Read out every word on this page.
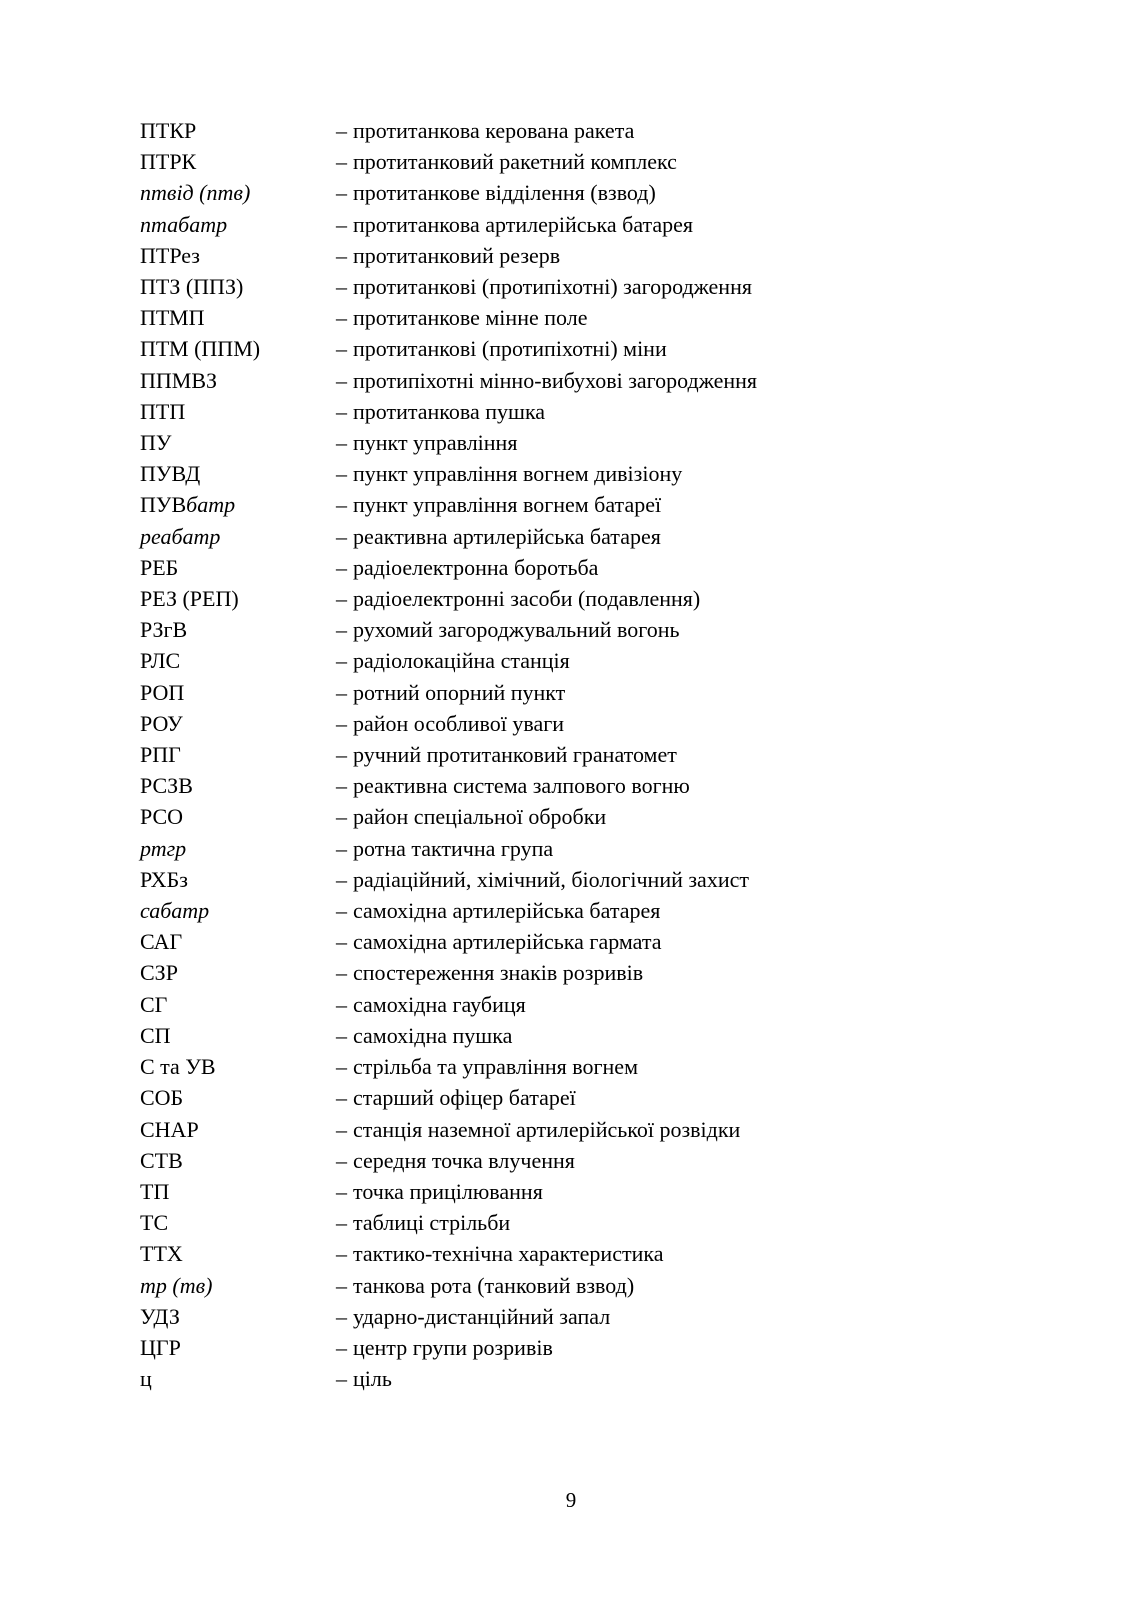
ПТКР	– протитанкова керована ракета
ПТРК	– протитанковий ракетний комплекс
птвід (птв)	– протитанкове відділення (взвод)
птабатр	– протитанкова артилерійська батарея
ПТРез	– протитанковий резерв
ПТЗ (ППЗ)	– протитанкові (протипіхотні) загородження
ПТМП	– протитанкове мінне поле
ПТМ (ППМ)	– протитанкові (протипіхотні) міни
ППМВЗ	– протипіхотні мінно-вибухові загородження
ПТП	– протитанкова пушка
ПУ	– пункт управління
ПУВД	– пункт управління вогнем дивізіону
ПУВбатр	– пункт управління вогнем батареї
реабатр	– реактивна артилерійська батарея
РЕБ	– радіоелектронна боротьба
РЕЗ (РЕП)	– радіоелектронні засоби (подавлення)
РЗгВ	– рухомий загороджувальний вогонь
РЛС	– радіолокаційна станція
РОП	– ротний опорний пункт
РОУ	– район особливої уваги
РПГ	– ручний протитанковий гранатомет
РСЗВ	– реактивна система залпового вогню
РСО	– район спеціальної обробки
ртгр	– ротна тактична група
РХБз	– радіаційний, хімічний, біологічний захист
сабатр	– самохідна артилерійська батарея
САГ	– самохідна артилерійська гармата
СЗР	– спостереження знаків розривів
СГ	– самохідна гаубиця
СП	– самохідна пушка
С та УВ	– стрільба та управління вогнем
СОБ	– старший офіцер батареї
СНАР	– станція наземної артилерійської розвідки
СТВ	– середня точка влучення
ТП	– точка прицілювання
ТС	– таблиці стрільби
ТТХ	– тактико-технічна характеристика
тр (тв)	– танкова рота (танковий взвод)
УДЗ	– ударно-дистанційний запал
ЦГР	– центр групи розривів
ц	– ціль
9
